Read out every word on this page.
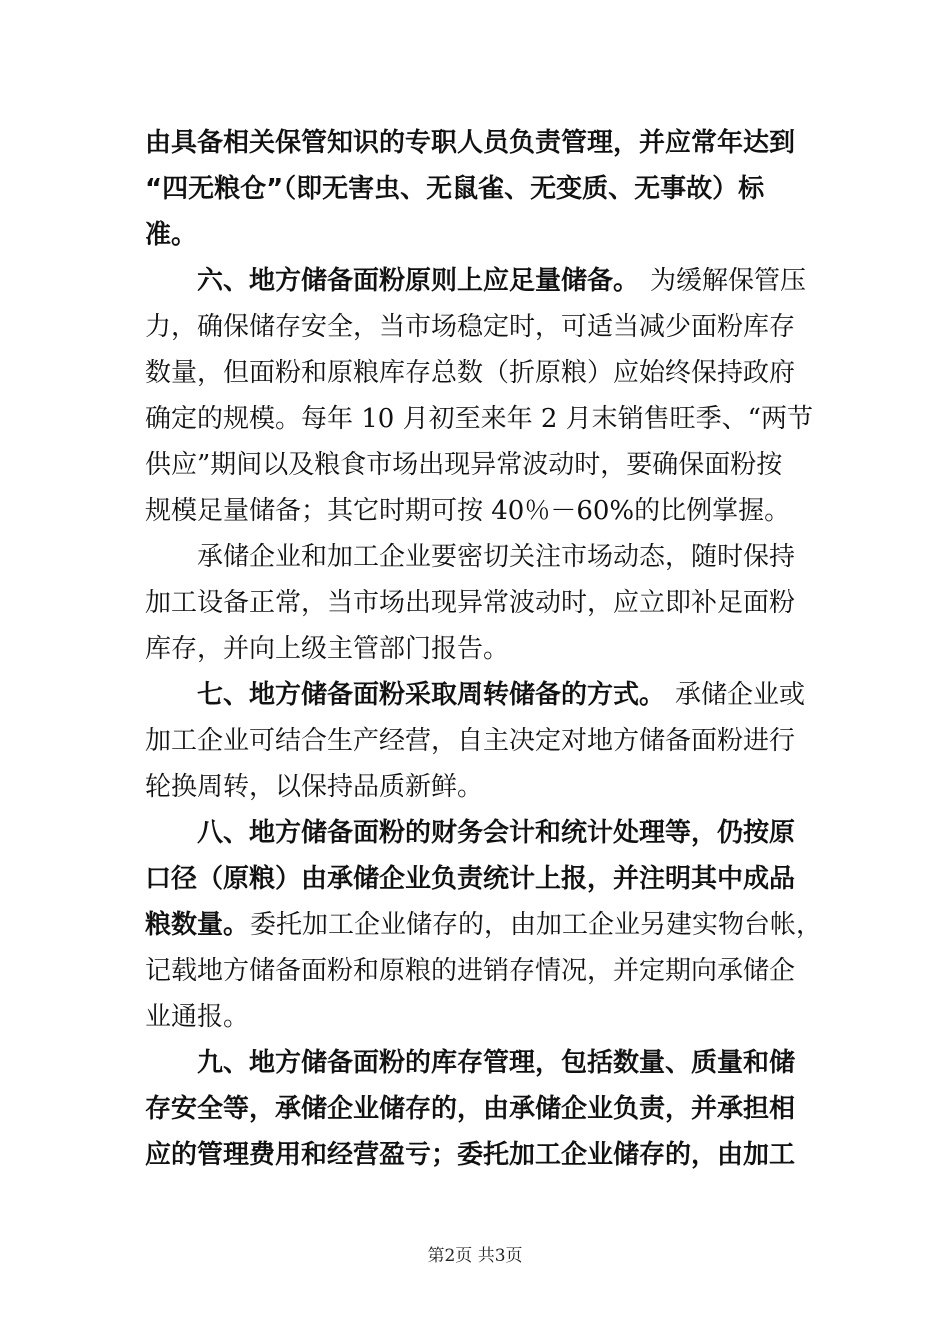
由具备相关保管知识的专职人员负责管理，并应常年达到
“四无粮仓”（即无害虫、无鼠雀、无变质、无事故）标
准。
六、地方储备面粉原则上应足量储备。 为缓解保管压
力，确保储存安全，当市场稳定时，可适当减少面粉库存
数量，但面粉和原粮库存总数（折原粮）应始终保持政府
确定的规模。每年 10 月初至来年 2 月末销售旺季、“两节
供应”期间以及粮食市场出现异常波动时，要确保面粉按
规模足量储备；其它时期可按 40％－60%的比例掌握。
承储企业和加工企业要密切关注市场动态，随时保持
加工设备正常，当市场出现异常波动时，应立即补足面粉
库存，并向上级主管部门报告。
七、地方储备面粉采取周转储备的方式。 承储企业或
加工企业可结合生产经营，自主决定对地方储备面粉进行
轮换周转，以保持品质新鲜。
八、地方储备面粉的财务会计和统计处理等，仍按原
口径（原粮）由承储企业负责统计上报，并注明其中成品
粮数量。 委托加工企业储存的，由加工企业另建实物台帐，
记载地方储备面粉和原粮的进销存情况，并定期向承储企
业通报。
九、地方储备面粉的库存管理，包括数量、质量和储
存安全等，承储企业储存的，由承储企业负责，并承担相
应的管理费用和经营盈亏；委托加工企业储存的，由加工
第2页 共3页
